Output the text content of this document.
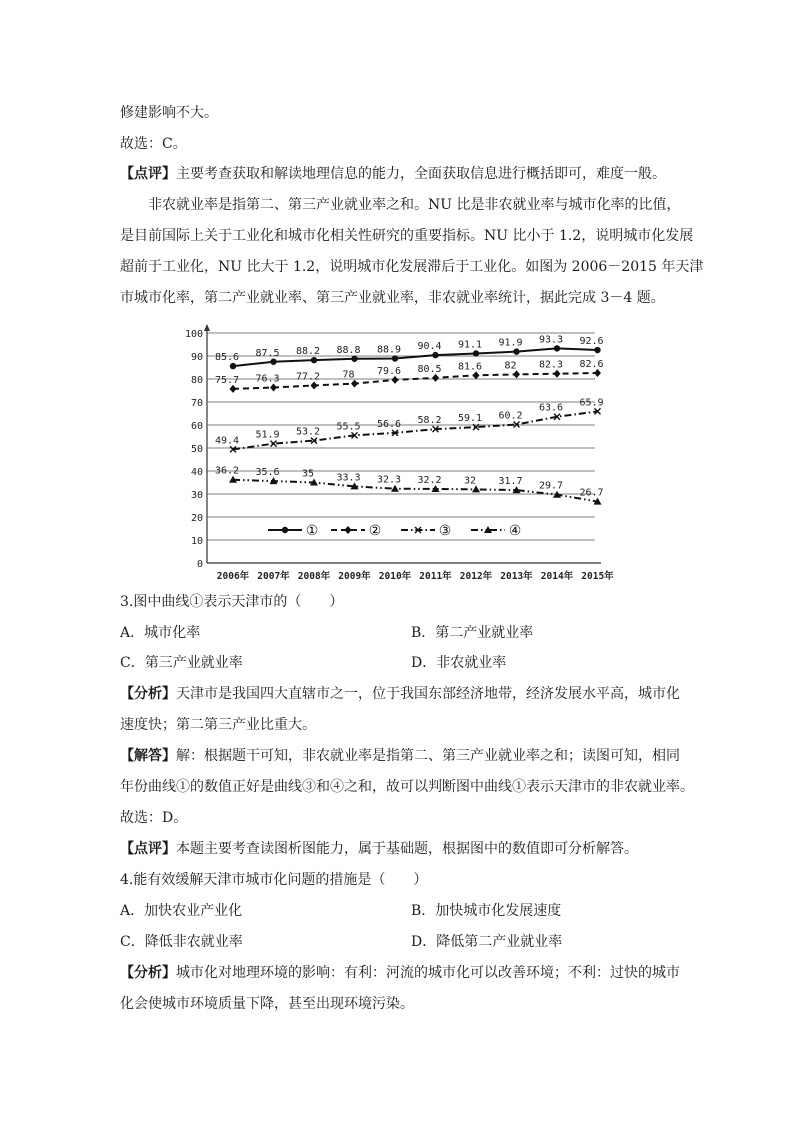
修建影响不大。
故选：C。
【点评】主要考查获取和解读地理信息的能力，全面获取信息进行概括即可，难度一般。
非农就业率是指第二、第三产业就业率之和。NU 比是非农就业率与城市化率的比值，
是目前国际上关于工业化和城市化相关性研究的重要指标。NU 比小于 1.2，说明城市化发展
超前于工业化，NU 比大于 1.2，说明城市化发展滞后于工业化。如图为 2006－2015 年天津
市城市化率，第二产业就业率、第三产业就业率，非农就业率统计，据此完成 3－4 题。
0
10
20
30
40
50
60
70
80
90
100
2006年 2007年 2008年 2009年 2010年 2011年 2012年 2013年 2014年 2015年
85.6 87.5 88.2 88.8 88.9 90.4 91.1 91.9 93.3 92.6
75.7 76.3 77.2 78 79.6 80.5 81.6 82 82.3 82.6
49.4
51.9 53.2 55.5 56.6 58.2 59.1 60.2
63.6 65.9
36.2 35.6 35 33.3 32.3 32.2 32 31.7 29.7
26.7
①	②	③	④
3.图中曲线①表示天津市的（　　）
A．城市化率	B．第二产业就业率
C．第三产业就业率	D．非农就业率
【分析】天津市是我国四大直辖市之一，位于我国东部经济地带，经济发展水平高，城市化
速度快；第二第三产业比重大。
【解答】解：根据题干可知，非农就业率是指第二、第三产业就业率之和；读图可知，相同
年份曲线①的数值正好是曲线③和④之和，故可以判断图中曲线①表示天津市的非农就业率。
故选：D。
【点评】本题主要考查读图析图能力，属于基础题，根据图中的数值即可分析解答。
4.能有效缓解天津市城市化问题的措施是（　　）
A．加快农业产业化	B．加快城市化发展速度
C．降低非农就业率	D．降低第二产业就业率
【分析】城市化对地理环境的影响：有利：河流的城市化可以改善环境；不利：过快的城市
化会使城市环境质量下降，甚至出现环境污染。
